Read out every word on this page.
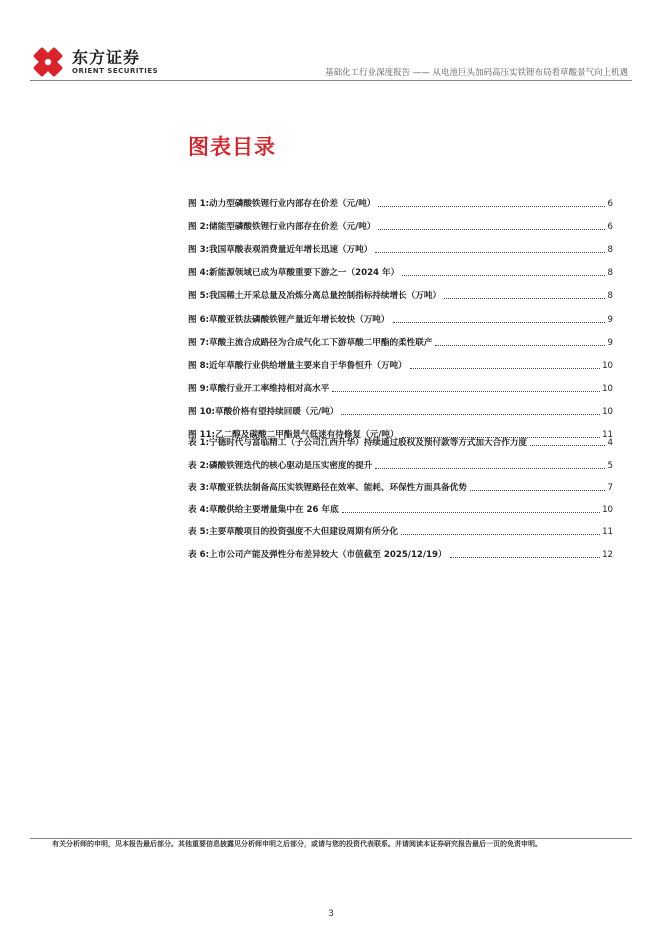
东方证券
ORIENT SECURITIES	基础化工行业深度报告 —— 从电池巨头加码高压实铁锂布局看草酸景气向上机遇
图表目录
图 1: 动力型磷酸铁锂行业内部存在价差（元/吨）	6
图 2: 储能型磷酸铁锂行业内部存在价差（元/吨）	6
图 3: 我国草酸表观消费量近年增长迅速（万吨）	8
图 4: 新能源领域已成为草酸重要下游之一（2024 年）	8
图 5: 我国稀土开采总量及冶炼分离总量控制指标持续增长（万吨）	8
图 6: 草酸亚铁法磷酸铁锂产量近年增长较快（万吨）	9
图 7: 草酸主流合成路径为合成气化工下游草酸二甲酯的柔性联产	9
图 8: 近年草酸行业供给增量主要来自于华鲁恒升（万吨）	10
图 9: 草酸行业开工率维持相对高水平	10
图 10: 草酸价格有望持续回暖（元/吨）	10
图 11: 乙二醇及碳酸二甲酯景气低迷有待修复（元/吨）	11
表 1: 宁德时代与富临精工（子公司江西升华）持续通过股权及预付款等方式加大合作力度	4
表 2: 磷酸铁锂迭代的核心驱动是压实密度的提升	5
表 3: 草酸亚铁法制备高压实铁锂路径在效率、能耗、环保性方面具备优势	7
表 4: 草酸供给主要增量集中在 26 年底	10
表 5: 主要草酸项目的投资强度不大但建设周期有所分化	11
表 6: 上市公司产能及弹性分布差异较大（市值截至 2025/12/19）	12
有关分析师的申明，见本报告最后部分。其他重要信息披露见分析师申明之后部分，或请与您的投资代表联系。并请阅读本证券研究报告最后一页的免责申明。
3
